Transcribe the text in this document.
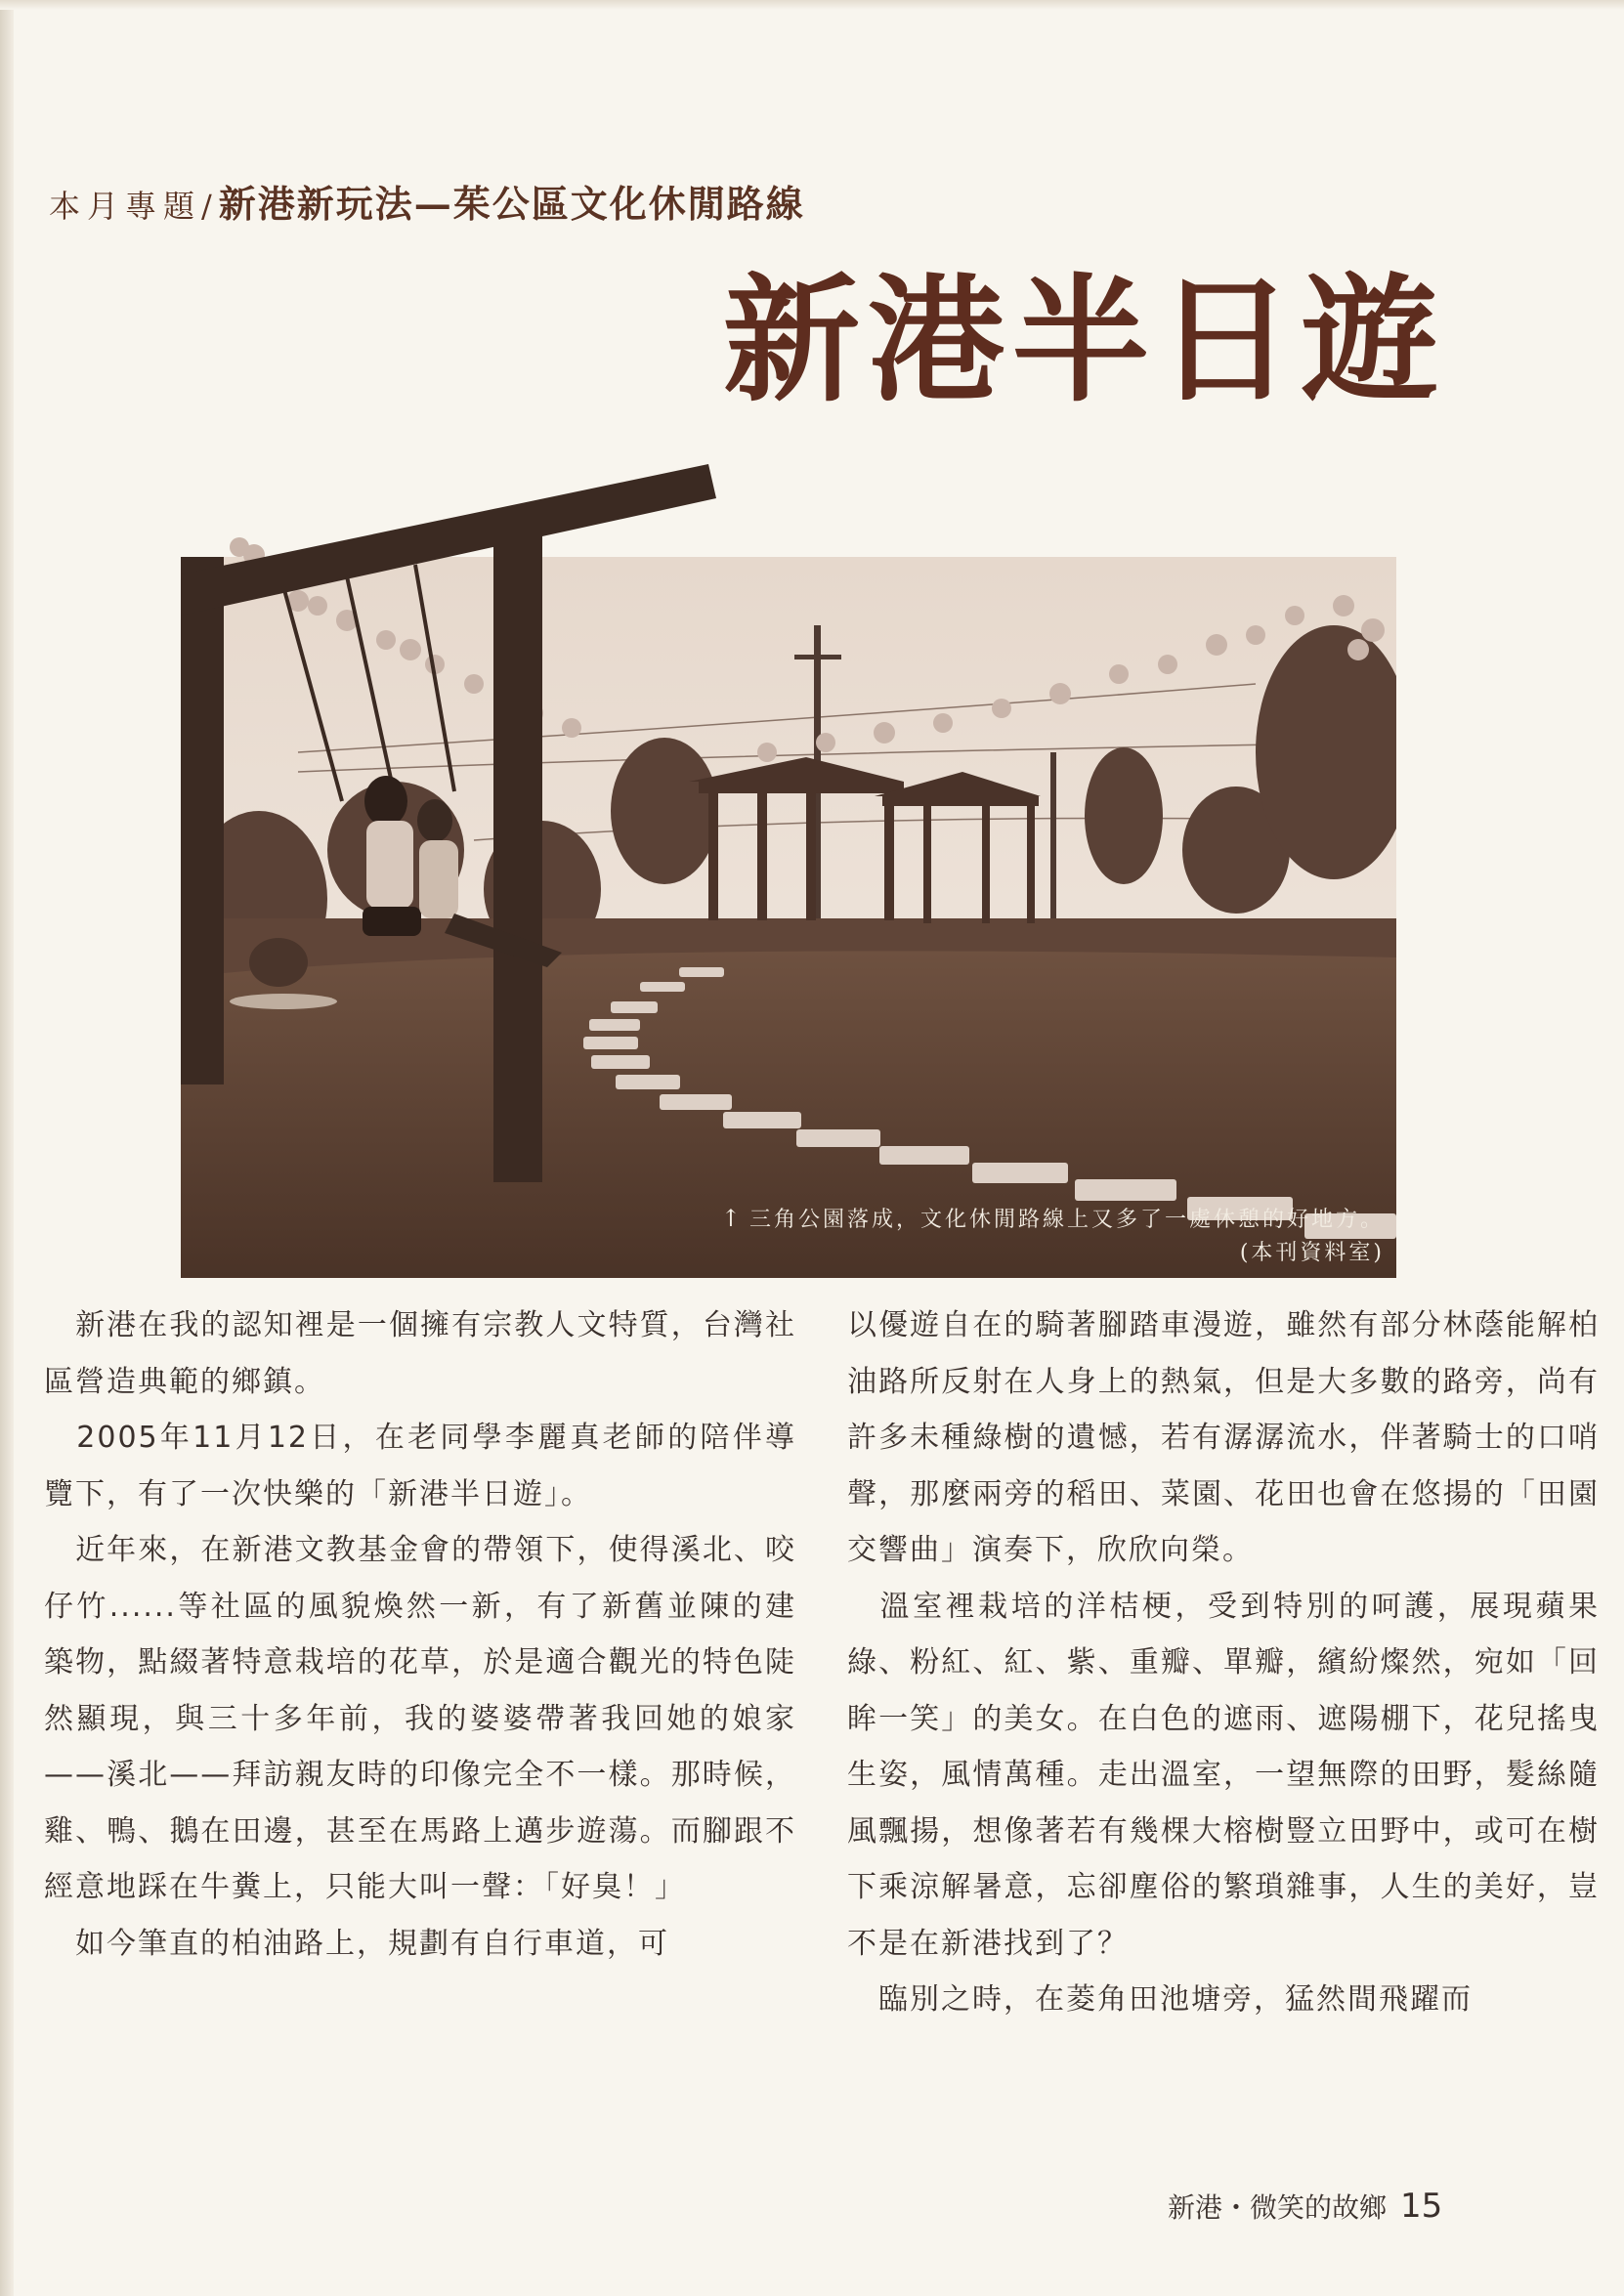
本月專題/新港新玩法—茱公區文化休閒路線
新港半日遊
↑ 三角公園落成，文化休閒路線上又多了一處休憩的好地方。
(本刊資料室)

　新港在我的認知裡是一個擁有宗教人文特質，台灣社區營造典範的鄉鎮。

　2005年11月12日，在老同學李麗真老師的陪伴導覽下，有了一次快樂的「新港半日遊」。

　近年來，在新港文教基金會的帶領下，使得溪北、咬仔竹......等社區的風貌煥然一新，有了新舊並陳的建築物，點綴著特意栽培的花草，於是適合觀光的特色陡然顯現，與三十多年前，我的婆婆帶著我回她的娘家——溪北——拜訪親友時的印像完全不一樣。那時候，雞、鴨、鵝在田邊，甚至在馬路上邁步遊蕩。而腳跟不經意地踩在牛糞上，只能大叫一聲：「好臭！」

　如今筆直的柏油路上，規劃有自行車道，可

以優遊自在的騎著腳踏車漫遊，雖然有部分林蔭能解柏油路所反射在人身上的熱氣，但是大多數的路旁，尚有許多未種綠樹的遺憾，若有潺潺流水，伴著騎士的口哨聲，那麼兩旁的稻田、菜園、花田也會在悠揚的「田園交響曲」演奏下，欣欣向榮。

　溫室裡栽培的洋桔梗，受到特別的呵護，展現蘋果綠、粉紅、紅、紫、重瓣、單瓣，繽紛燦然，宛如「回眸一笑」的美女。在白色的遮雨、遮陽棚下，花兒搖曳生姿，風情萬種。走出溫室，一望無際的田野，髮絲隨風飄揚，想像著若有幾棵大榕樹豎立田野中，或可在樹下乘涼解暑意，忘卻塵俗的繁瑣雜事，人生的美好，豈不是在新港找到了？

　臨別之時，在菱角田池塘旁，猛然間飛躍而

新港・微笑的故鄉 15
